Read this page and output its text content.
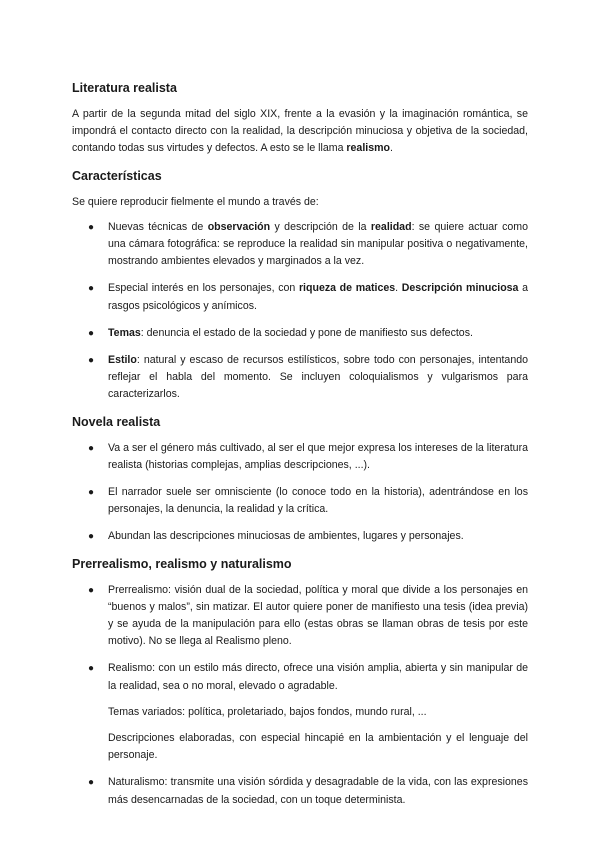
Literatura realista

A partir de la segunda mitad del siglo XIX, frente a la evasión y la imaginación romántica, se impondrá el contacto directo con la realidad, la descripción minuciosa y objetiva de la sociedad, contando todas sus virtudes y defectos. A esto se le llama realismo.

Características

Se quiere reproducir fielmente el mundo a través de:

● Nuevas técnicas de observación y descripción de la realidad: se quiere actuar como una cámara fotográfica: se reproduce la realidad sin manipular positiva o negativamente, mostrando ambientes elevados y marginados a la vez.
● Especial interés en los personajes, con riqueza de matices. Descripción minuciosa a rasgos psicológicos y anímicos.
● Temas: denuncia el estado de la sociedad y pone de manifiesto sus defectos.
● Estilo: natural y escaso de recursos estilísticos, sobre todo con personajes, intentando reflejar el habla del momento. Se incluyen coloquialismos y vulgarismos para caracterizarlos.
Novela realista
● Va a ser el género más cultivado, al ser el que mejor expresa los intereses de la literatura realista (historias complejas, amplias descripciones, ...).
● El narrador suele ser omnisciente (lo conoce todo en la historia), adentrándose en los personajes, la denuncia, la realidad y la crítica.
● Abundan las descripciones minuciosas de ambientes, lugares y personajes.
Prerrealismo, realismo y naturalismo
● Prerrealismo: visión dual de la sociedad, política y moral que divide a los personajes en “buenos y malos”, sin matizar. El autor quiere poner de manifiesto una tesis (idea previa) y se ayuda de la manipulación para ello (estas obras se llaman obras de tesis por este motivo). No se llega al Realismo pleno.
● Realismo: con un estilo más directo, ofrece una visión amplia, abierta y sin manipular de la realidad, sea o no moral, elevado o agradable.

Temas variados: política, proletariado, bajos fondos, mundo rural, ...

Descripciones elaboradas, con especial hincapié en la ambientación y el lenguaje del personaje.

● Naturalismo: transmite una visión sórdida y desagradable de la vida, con las expresiones más desencarnadas de la sociedad, con un toque determinista.
